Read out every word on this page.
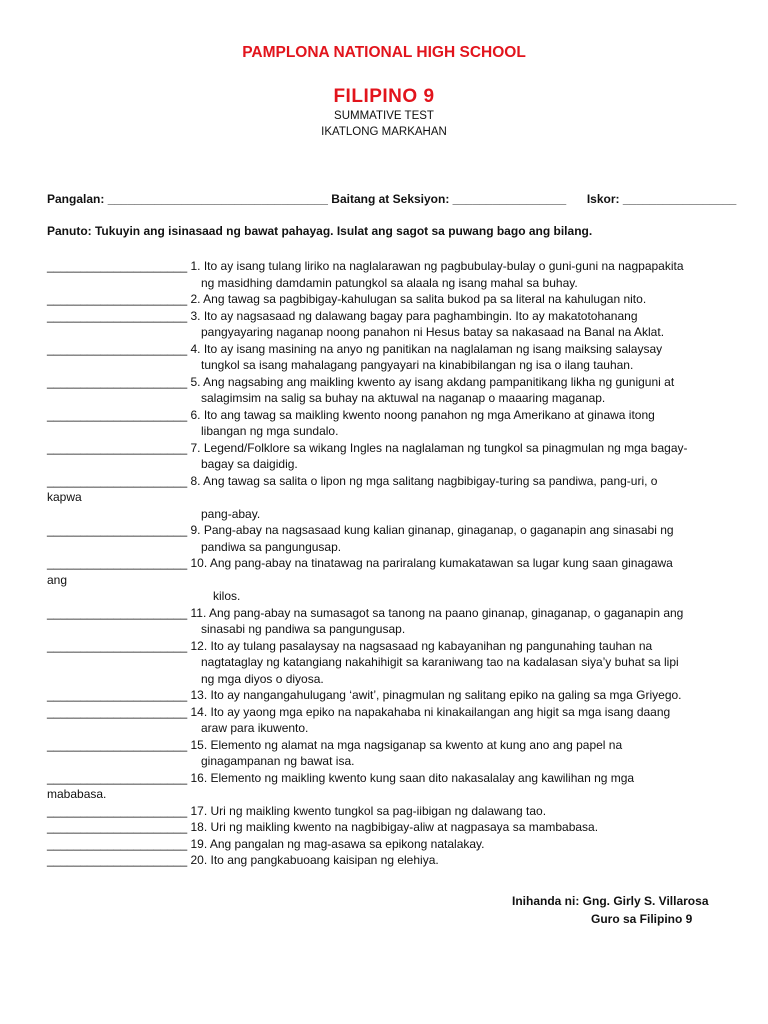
PAMPLONA NATIONAL HIGH SCHOOL
FILIPINO 9
SUMMATIVE TEST
IKATLONG MARKAHAN
Pangalan: _________________________________ Baitang at Seksiyon: _________________ Iskor: _________________
Panuto: Tukuyin ang isinasaad ng bawat pahayag. Isulat ang sagot sa puwang bago ang bilang.
_____________________ 1. Ito ay isang tulang liriko na naglalarawan ng pagbubulay-bulay o guni-guni na nagpapakita
ng masidhing damdamin patungkol sa alaala ng isang mahal sa buhay.
_____________________ 2. Ang tawag sa pagbibigay-kahulugan sa salita bukod pa sa literal na kahulugan nito.
_____________________ 3. Ito ay nagsasaad ng dalawang bagay para paghambingin. Ito ay makatotohanang
pangyayaring naganap noong panahon ni Hesus batay sa nakasaad na Banal na Aklat.
_____________________ 4. Ito ay isang masining na anyo ng panitikan na naglalaman ng isang maiksing salaysay
tungkol sa isang mahalagang pangyayari na kinabibilangan ng isa o ilang tauhan.
_____________________ 5. Ang nagsabing ang maikling kwento ay isang akdang pampanitikang likha ng guniguni at
salagimsim na salig sa buhay na aktuwal na naganap o maaaring maganap.
_____________________ 6. Ito ang tawag sa maikling kwento noong panahon ng mga Amerikano at ginawa itong
libangan ng mga sundalo.
_____________________ 7. Legend/Folklore sa wikang Ingles na naglalaman ng tungkol sa pinagmulan ng mga bagay-
bagay sa daigidig.
_____________________ 8. Ang tawag sa salita o lipon ng mga salitang nagbibigay-turing sa pandiwa, pang-uri, o
kapwa
pang-abay.
_____________________ 9. Pang-abay na nagsasaad kung kalian ginanap, ginaganap, o gaganapin ang sinasabi ng
pandiwa sa pangungusap.
_____________________ 10. Ang pang-abay na tinatawag na pariralang kumakatawan sa lugar kung saan ginagawa
ang
kilos.
_____________________ 11. Ang pang-abay na sumasagot sa tanong na paano ginanap, ginaganap, o gaganapin ang
sinasabi ng pandiwa sa pangungusap.
_____________________ 12. Ito ay tulang pasalaysay na nagsasaad ng kabayanihan ng pangunahing tauhan na
nagtataglay ng katangiang nakahihigit sa karaniwang tao na kadalasan siya’y buhat sa lipi
ng mga diyos o diyosa.
_____________________ 13. Ito ay nangangahulugang ‘awit’, pinagmulan ng salitang epiko na galing sa mga Griyego.
_____________________ 14. Ito ay yaong mga epiko na napakahaba ni kinakailangan ang higit sa mga isang daang
araw para ikuwento.
_____________________ 15. Elemento ng alamat na mga nagsiganap sa kwento at kung ano ang papel na
ginagampanan ng bawat isa.
_____________________ 16. Elemento ng maikling kwento kung saan dito nakasalalay ang kawilihan ng mga
mababasa.
_____________________ 17. Uri ng maikling kwento tungkol sa pag-iibigan ng dalawang tao.
_____________________ 18. Uri ng maikling kwento na nagbibigay-aliw at nagpasaya sa mambabasa.
_____________________ 19. Ang pangalan ng mag-asawa sa epikong natalakay.
_____________________ 20. Ito ang pangkabuoang kaisipan ng elehiya.
Inihanda ni: Gng. Girly S. Villarosa
Guro sa Filipino 9
